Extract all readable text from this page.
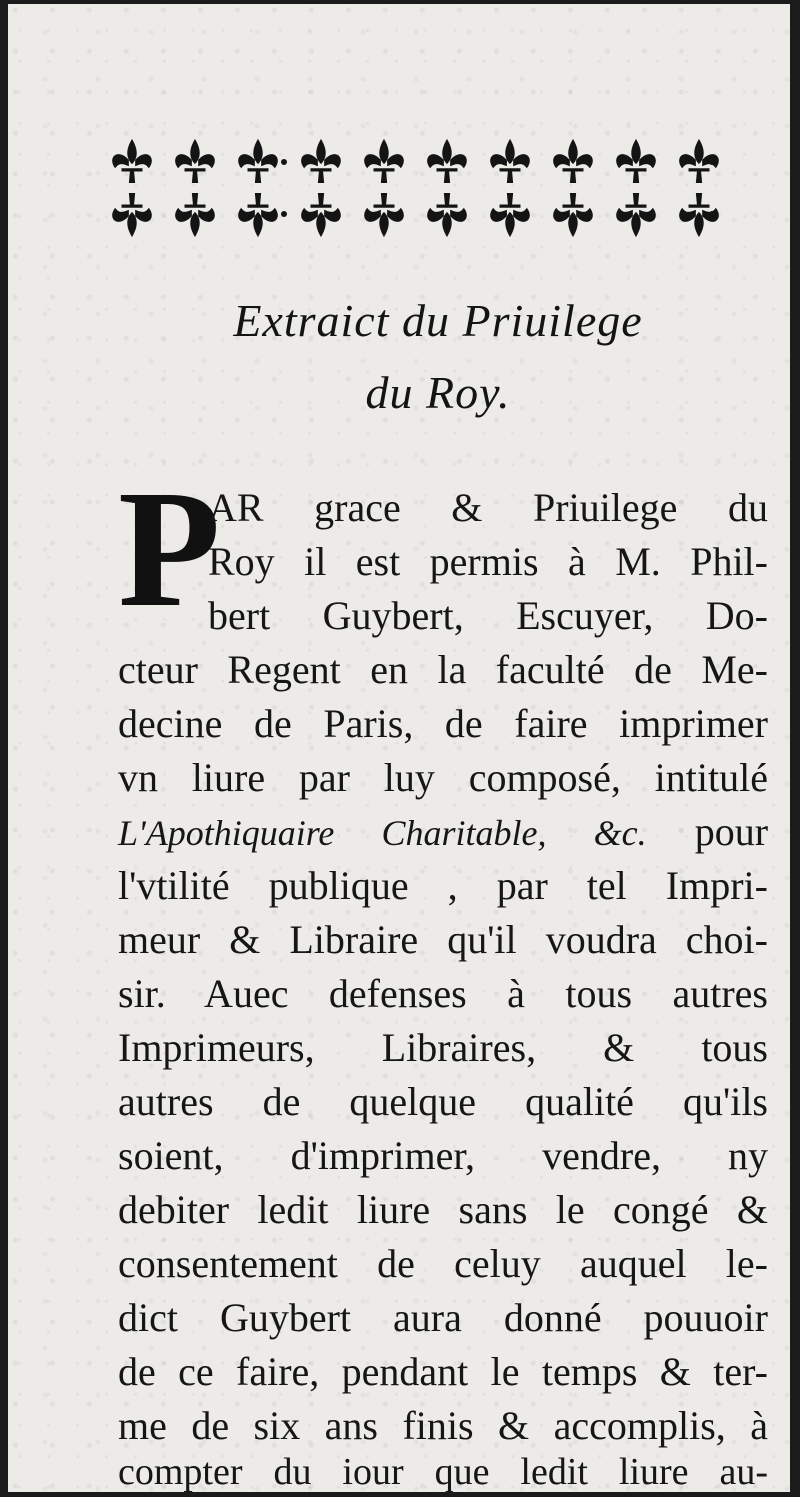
Extraict du Priuilege
du Roy.
P
AR grace & Priuilege du
Roy il est permis à M. Phil-
bert Guybert, Escuyer, Do-
cteur Regent en la faculté de Me-
decine de Paris, de faire imprimer
vn liure par luy composé, intitulé
L'Apothiquaire Charitable, &c. pour
l'vtilité publique , par tel Impri-
meur & Libraire qu'il voudra choi-
sir. Auec defenses à tous autres
Imprimeurs, Libraires, & tous
autres de quelque qualité qu'ils
soient, d'imprimer, vendre, ny
debiter ledit liure sans le congé &
consentement de celuy auquel le-
dict Guybert aura donné pouuoir
de ce faire, pendant le temps & ter-
me de six ans finis & accomplis, à
compter du iour que ledit liure au-
